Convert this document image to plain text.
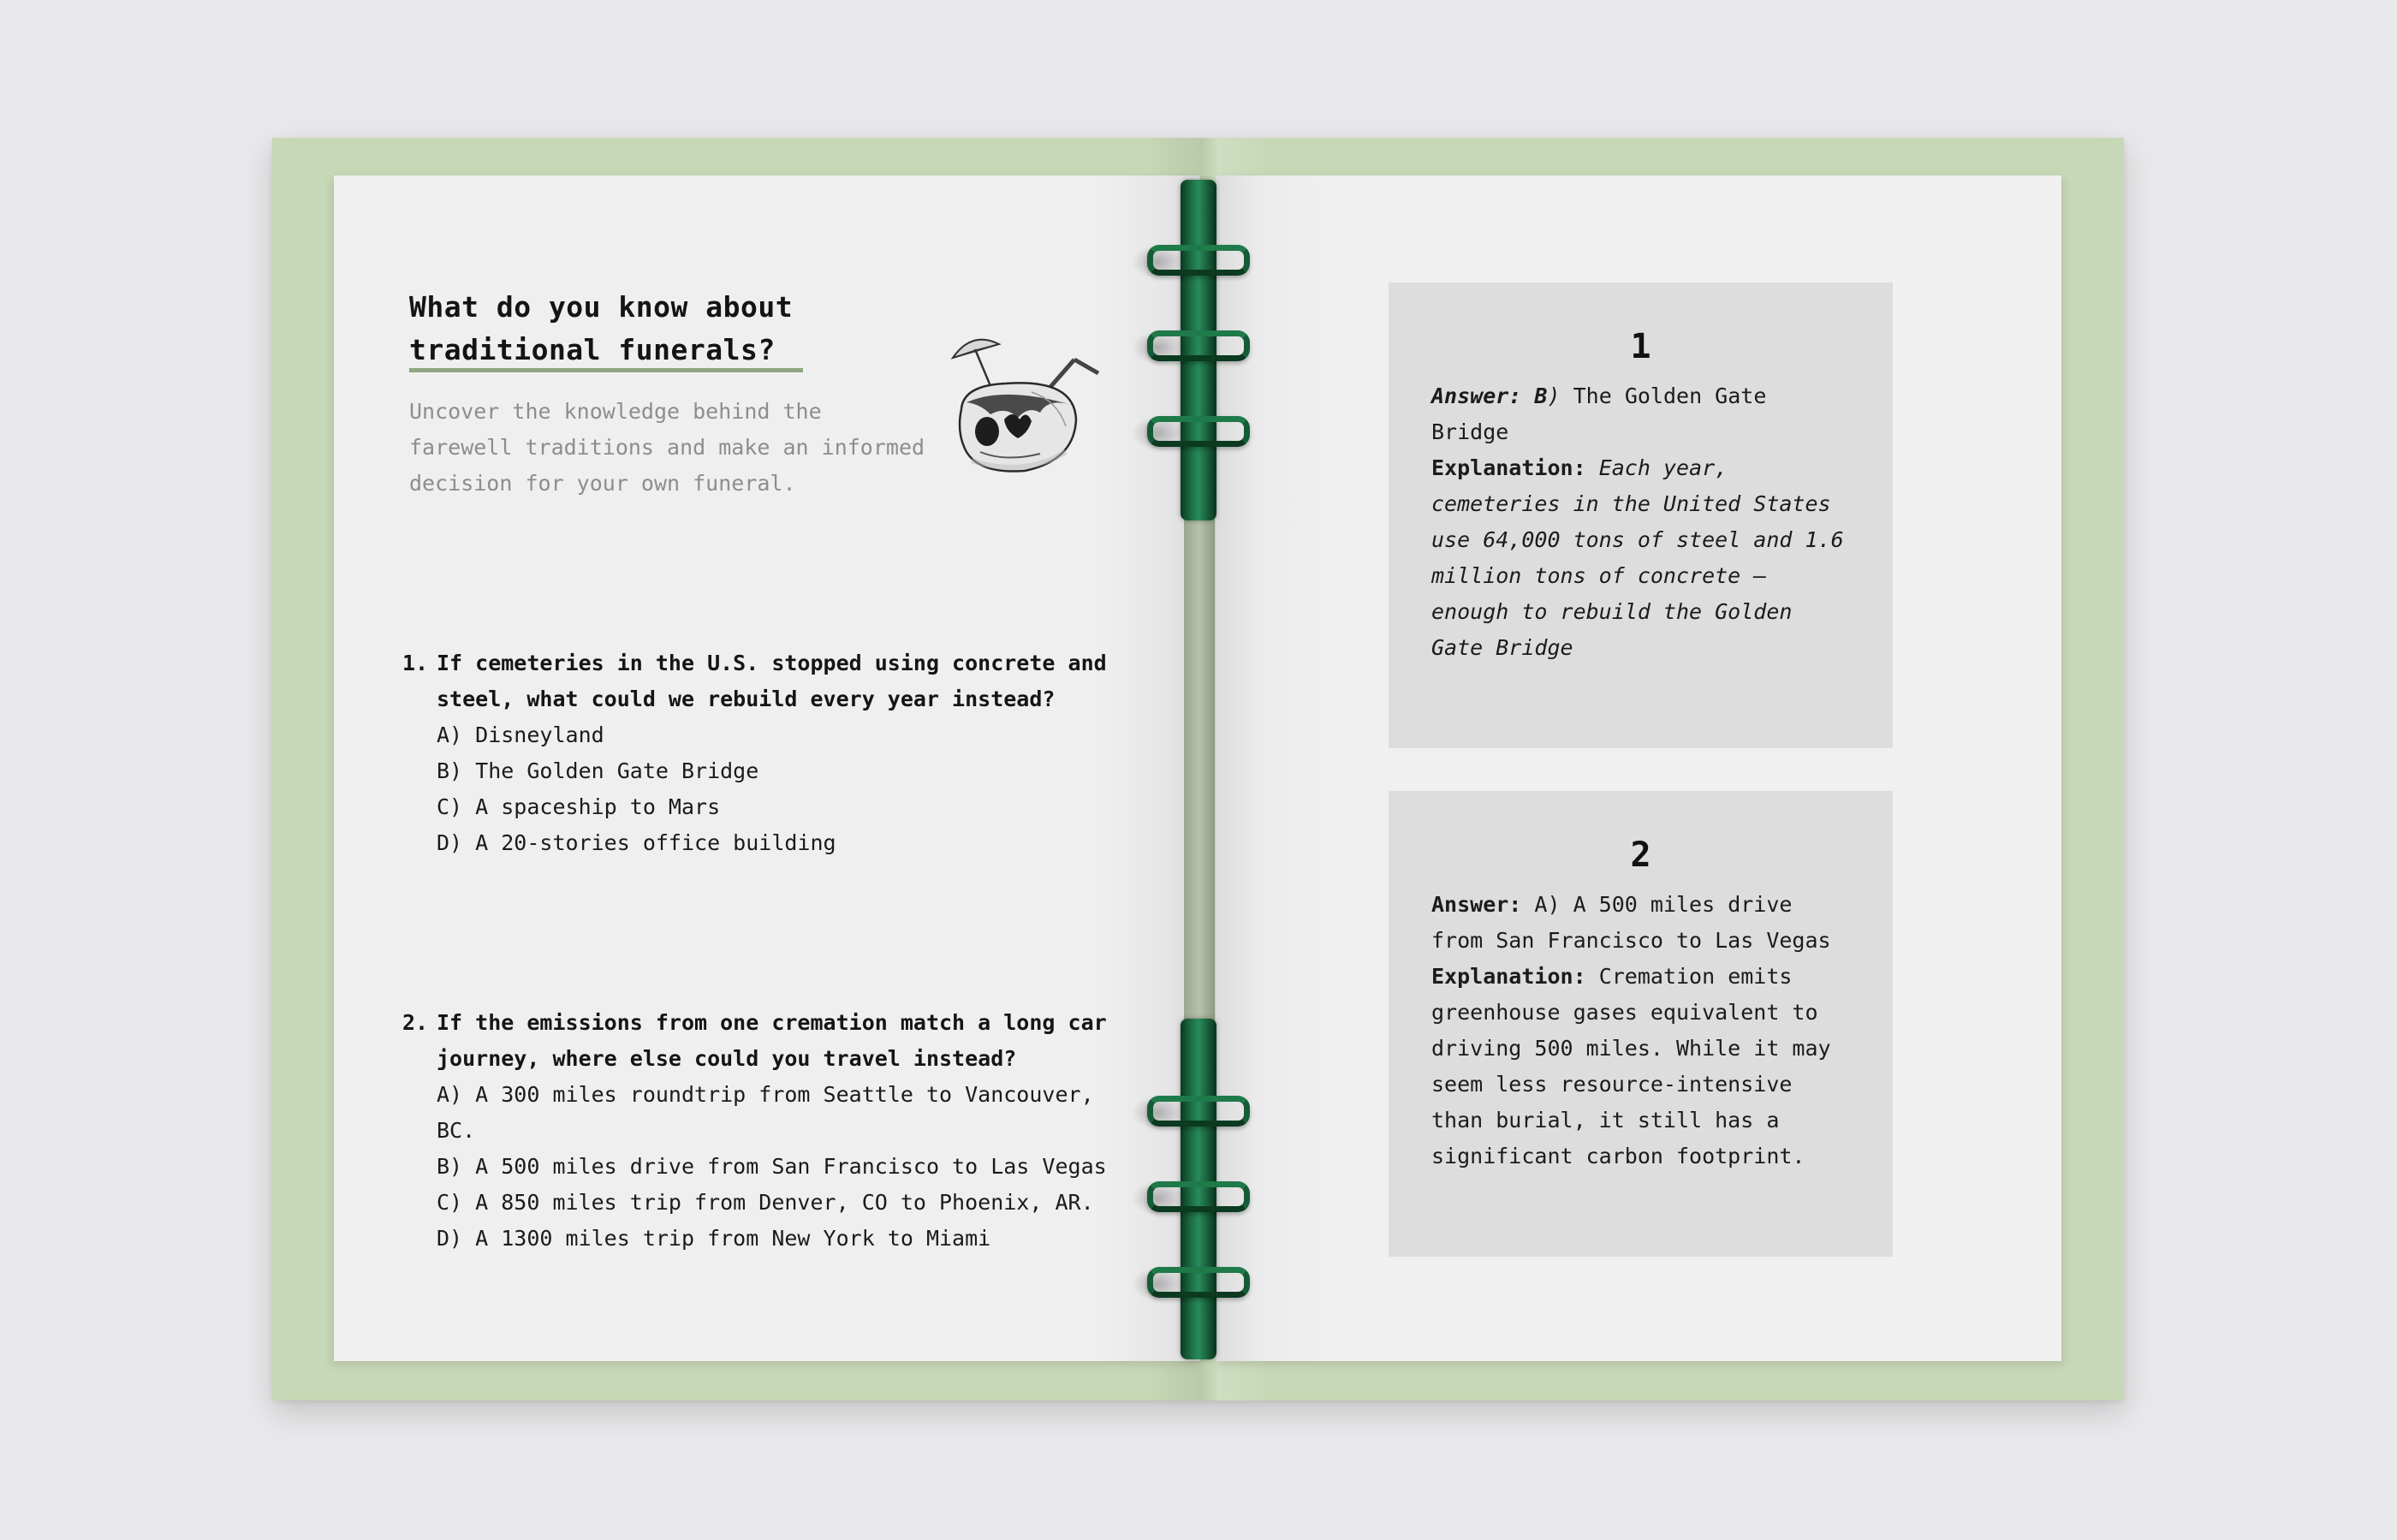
What do you know about
traditional funerals?

Uncover the knowledge behind the
farewell traditions and make an informed
decision for your own funeral.

1. If cemeteries in the U.S. stopped using concrete and
steel, what could we rebuild every year instead?
A) Disneyland
B) The Golden Gate Bridge
C) A spaceship to Mars
D) A 20-stories office building
2. If the emissions from one cremation match a long car
journey, where else could you travel instead?
A) A 300 miles roundtrip from Seattle to Vancouver,
BC.
B) A 500 miles drive from San Francisco to Las Vegas
C) A 850 miles trip from Denver, CO to Phoenix, AR.
D) A 1300 miles trip from New York to Miami
1
Answer: B) The Golden Gate
Bridge
Explanation: Each year,
cemeteries in the United States
use 64,000 tons of steel and 1.6
million tons of concrete —
enough to rebuild the Golden
Gate Bridge
2
Answer: A) A 500 miles drive
from San Francisco to Las Vegas
Explanation: Cremation emits
greenhouse gases equivalent to
driving 500 miles. While it may
seem less resource-intensive
than burial, it still has a
significant carbon footprint.
